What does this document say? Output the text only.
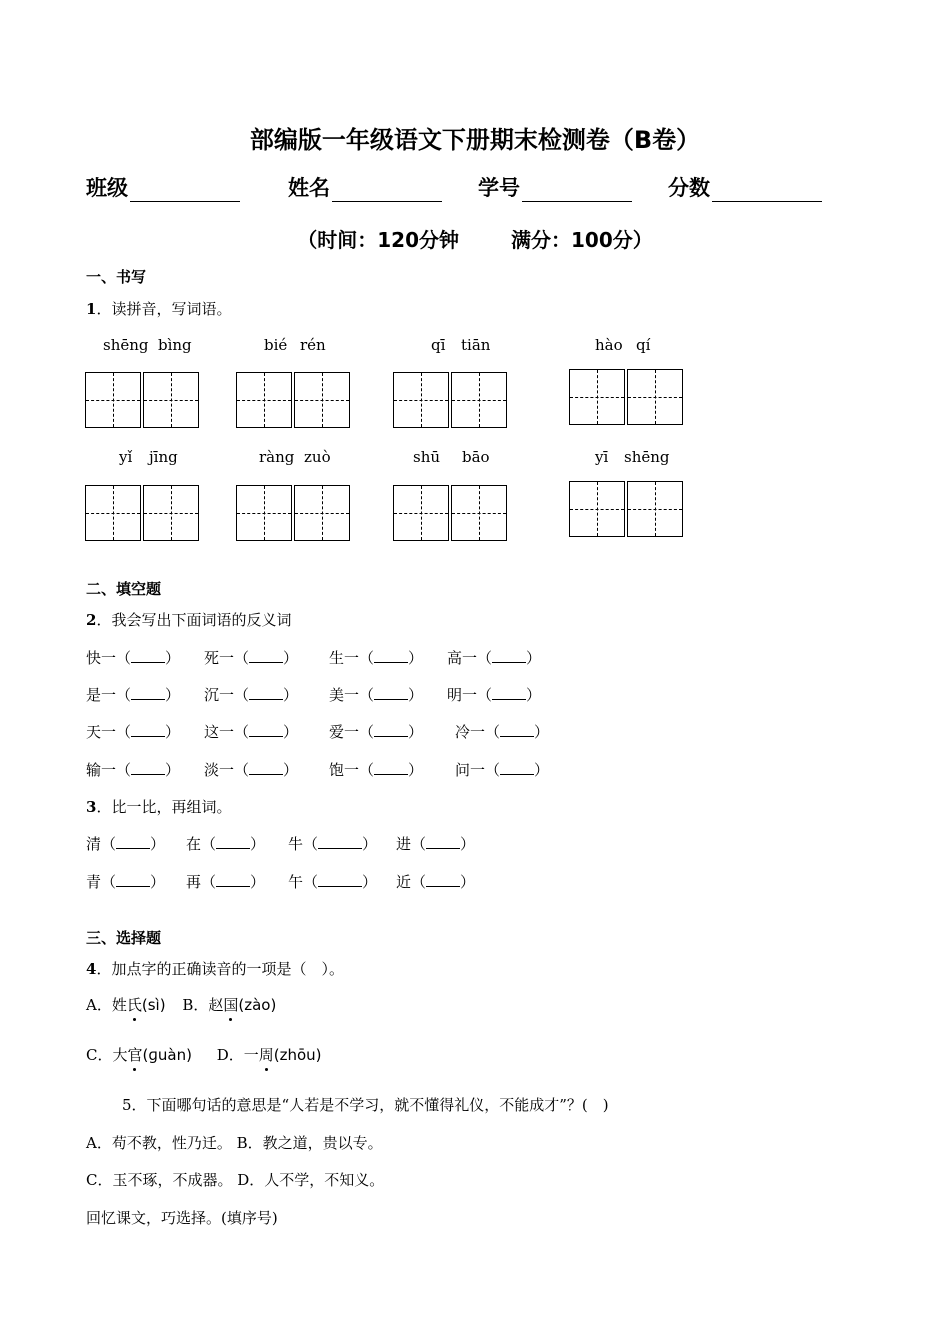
部编版一年级语文下册期末检测卷（B卷）
班级	姓名	学号	分数
（时间：120分钟	满分：100分）
一、书写
1．读拼音，写词语。
shēng bìng	bié rén	qī tiān	hào qí
yǐ jīng	ràng zuò	shū bāo	yī shēng
二、填空题
2．我会写出下面词语的反义词
快一（ ） 死一（ ） 生一（ ） 高一（ ）
是一（ ） 沉一（ ） 美一（ ） 明一（ ）
天一（ ） 这一（ ） 爱一（ ） 冷一（ ）
输一（ ） 淡一（ ） 饱一（ ） 问一（ ）
3．比一比，再组词。
清（ ） 在（ ） 牛（	） 进（ ）
青（ ） 再（ ） 午（	） 近（ ）
三、选择题
4．加点字的正确读音的一项是（　）。
A．姓氏(sì) B．赵国(zào)
C．大官(ɡuàn) D．一周(zhōu)
5．下面哪句话的意思是“人若是不学习，就不懂得礼仪，不能成才”？(　)
A．苟不教，性乃迁。 B．教之道，贵以专。
C．玉不琢，不成器。 D．人不学，不知义。
回忆课文，巧选择。(填序号)
